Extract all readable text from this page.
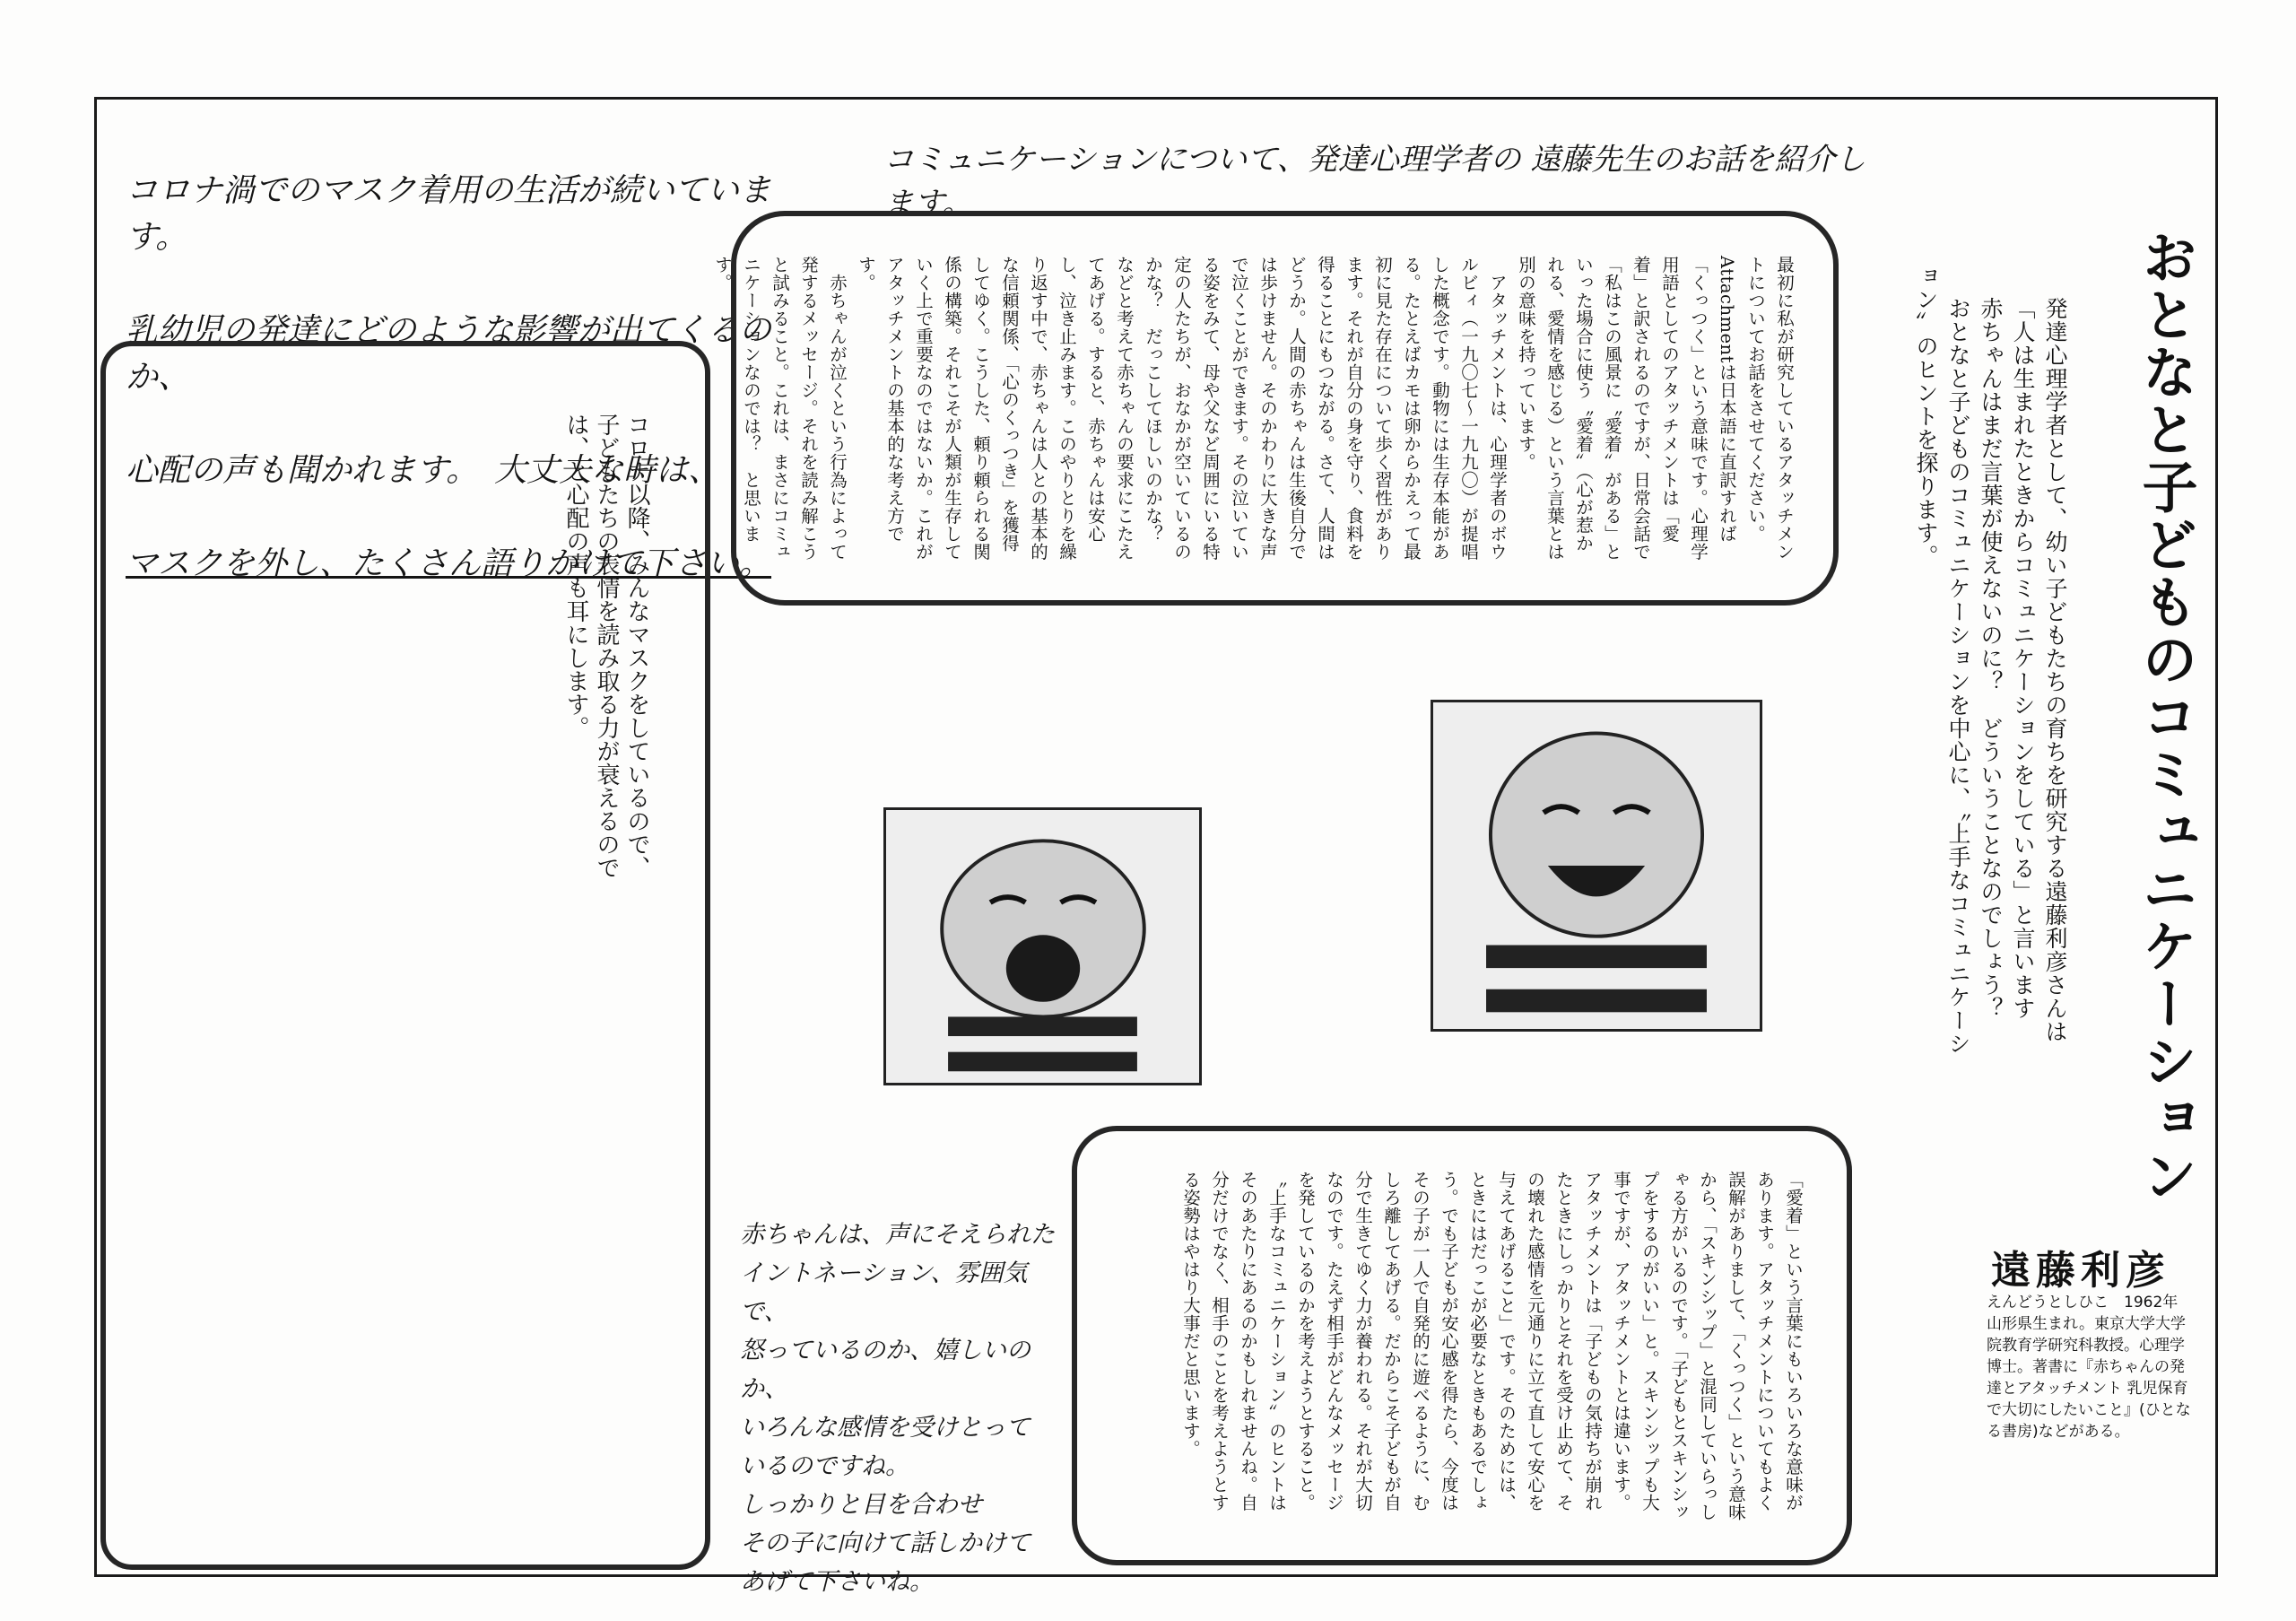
コロナ渦でのマスク着用の生活が続いています。

乳幼児の発達にどのような影響が出てくるのか、

心配の声も聞かれます。　大丈夫な時は、

マスクを外し、たくさん語りかけて下さい。

コミュニケーションについて、発達心理学者の 遠藤先生のお話を紹介します。
おとなと子どものコミュニケーション

発達心理学者として、幼い子どもたちの育ちを研究する遠藤利彦さんは
「人は生まれたときからコミュニケーションをしている」と言います
赤ちゃんはまだ言葉が使えないのに？　どういうことなのでしょう？
おとなと子どものコミュニケーションを中心に、〝上手なコミュニケーション〟のヒントを探ります。

遠藤利彦
えんどうとしひこ　1962年山形県生まれ。東京大学大学院教育学研究科教授。心理学博士。著書に『赤ちゃんの発達とアタッチメント 乳児保育で大切にしたいこと』(ひとなる書房)などがある。
最初に私が研究しているアタッチメントについてお話をさせてください。Attachmentは日本語に直訳すれば「くっつく」という意味です。心理学用語としてのアタッチメントは「愛着」と訳されるのですが、日常会話で「私はこの風景に〝愛着〟がある」といった場合に使う〝愛着〟（心が惹かれる、愛情を感じる）という言葉とは別の意味を持っています。
　アタッチメントは、心理学者のボウルビィ（一九〇七～一九九〇）が提唱した概念です。動物には生存本能がある。たとえばカモは卵からかえって最初に見た存在について歩く習性があります。それが自分の身を守り、食料を得ることにもつながる。さて、人間はどうか。人間の赤ちゃんは生後自分では歩けません。そのかわりに大きな声で泣くことができます。その泣いている姿をみて、母や父など周囲にいる特定の人たちが、おなかが空いているのかな？　だっこしてほしいのかな？　などと考えて赤ちゃんの要求にこたえてあげる。すると、赤ちゃんは安心し、泣き止みます。このやりとりを繰り返す中で、赤ちゃんは人との基本的な信頼関係、「心のくっつき」を獲得してゆく。こうした、頼り頼られる関係の構築。それこそが人類が生存していく上で重要なのではないか。これがアタッチメントの基本的な考え方です。
　赤ちゃんが泣くという行為によって発するメッセージ。それを読み解こうと試みること。これは、まさにコミュニケーションなのでは？　と思います。
「愛着」という言葉にもいろいろな意味があります。アタッチメントについてもよく誤解がありまして、「くっつく」という意味から、「スキンシップ」と混同していらっしゃる方がいるのです。「子どもとスキンシップをするのがいい」と。スキンシップも大事ですが、アタッチメントとは違います。アタッチメントは「子どもの気持ちが崩れたときにしっかりとそれを受け止めて、その壊れた感情を元通りに立て直して安心を与えてあげること」です。そのためには、ときにはだっこが必要なときもあるでしょう。でも子どもが安心感を得たら、今度はその子が一人で自発的に遊べるように、むしろ離してあげる。だからこそ子どもが自分で生きてゆく力が養われる。それが大切なのです。たえず相手がどんなメッセージを発しているのかを考えようとすること。〝上手なコミュニケーション〟のヒントはそのあたりにあるのかもしれませんね。自分だけでなく、相手のことを考えようとする姿勢はやはり大事だと思います。
コロナ以降、みんなマスクをしているので、子どもたちの表情を読み取る力が衰えるのでは、と心配の声も耳にします。
赤ちゃんは、声にそえられた
イントネーション、雰囲気で、
怒っているのか、嬉しいのか、
いろんな感情を受けとって
いるのですね。
しっかりと目を合わせ
その子に向けて話しかけて
あげて下さいね。
